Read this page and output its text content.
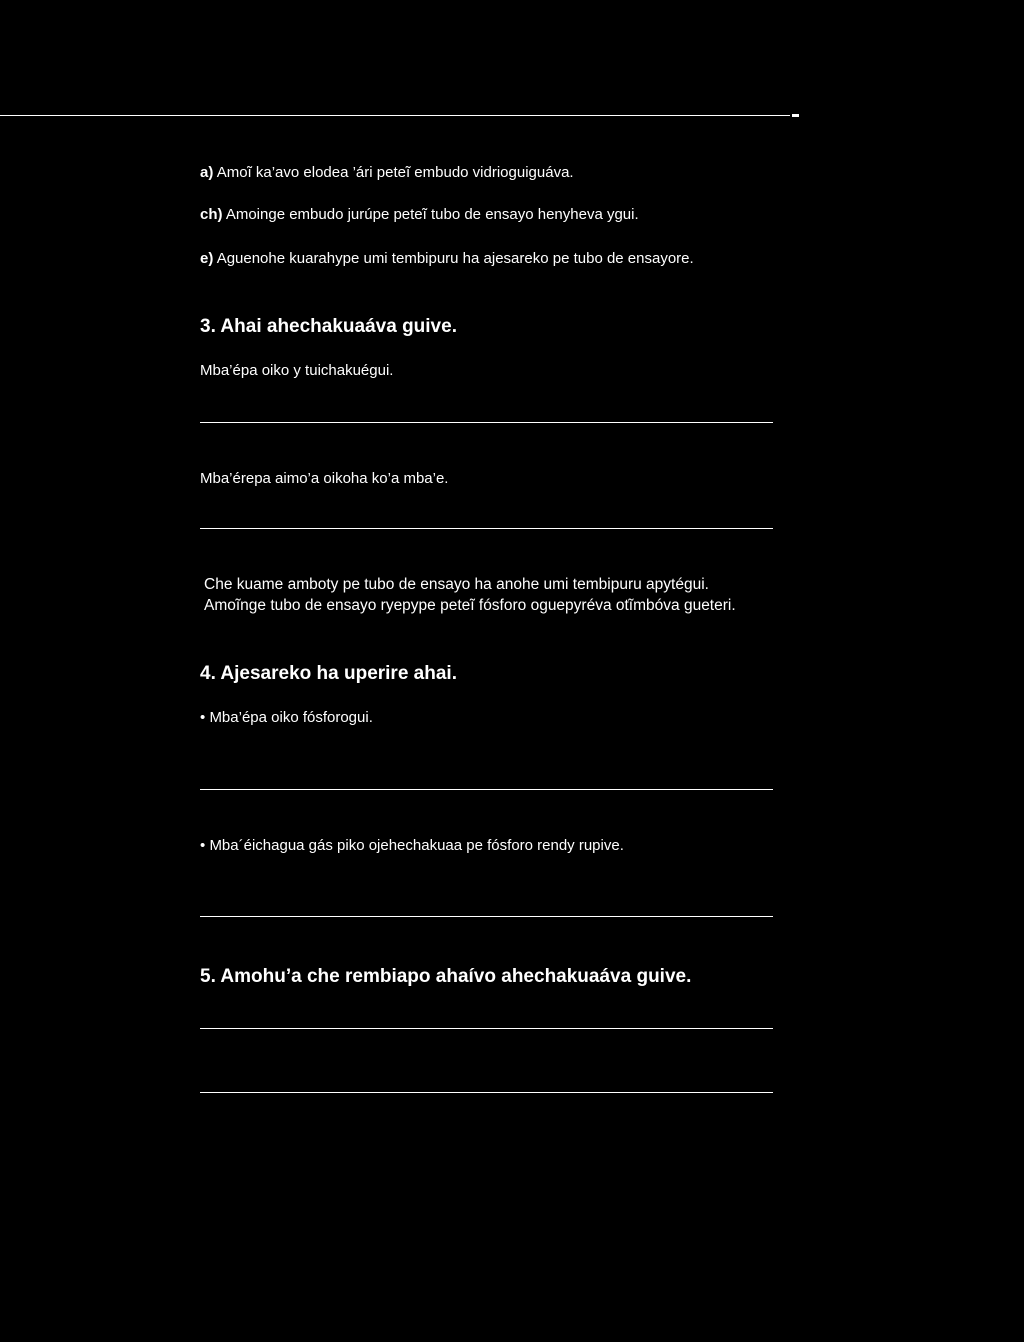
a) Amoĩ ka’avo elodea ’ári peteĩ embudo vidrioguiguáva.
ch) Amoinge embudo jurúpe peteĩ tubo de ensayo henyheva ygui.
e) Aguenohe kuarahype umi tembipuru ha ajesareko pe tubo de ensayore.
3. Ahai ahechakuaáva guive.
Mba’épa oiko y tuichakuégui.
Mba’érepa aimo’a oikoha ko’a mba’e.
Che kuame amboty pe tubo de ensayo ha anohe umi tembipuru apytégui.
Amoĩnge tubo de ensayo ryepype peteĩ fósforo oguepyréva otĩmbóva gueteri.
4. Ajesareko ha uperire ahai.
• Mba’épa oiko fósforogui.
• Mba´éichagua gás piko ojehechakuaa pe fósforo rendy rupive.
5. Amohu’a che rembiapo ahaívo ahechakuaáva guive.
